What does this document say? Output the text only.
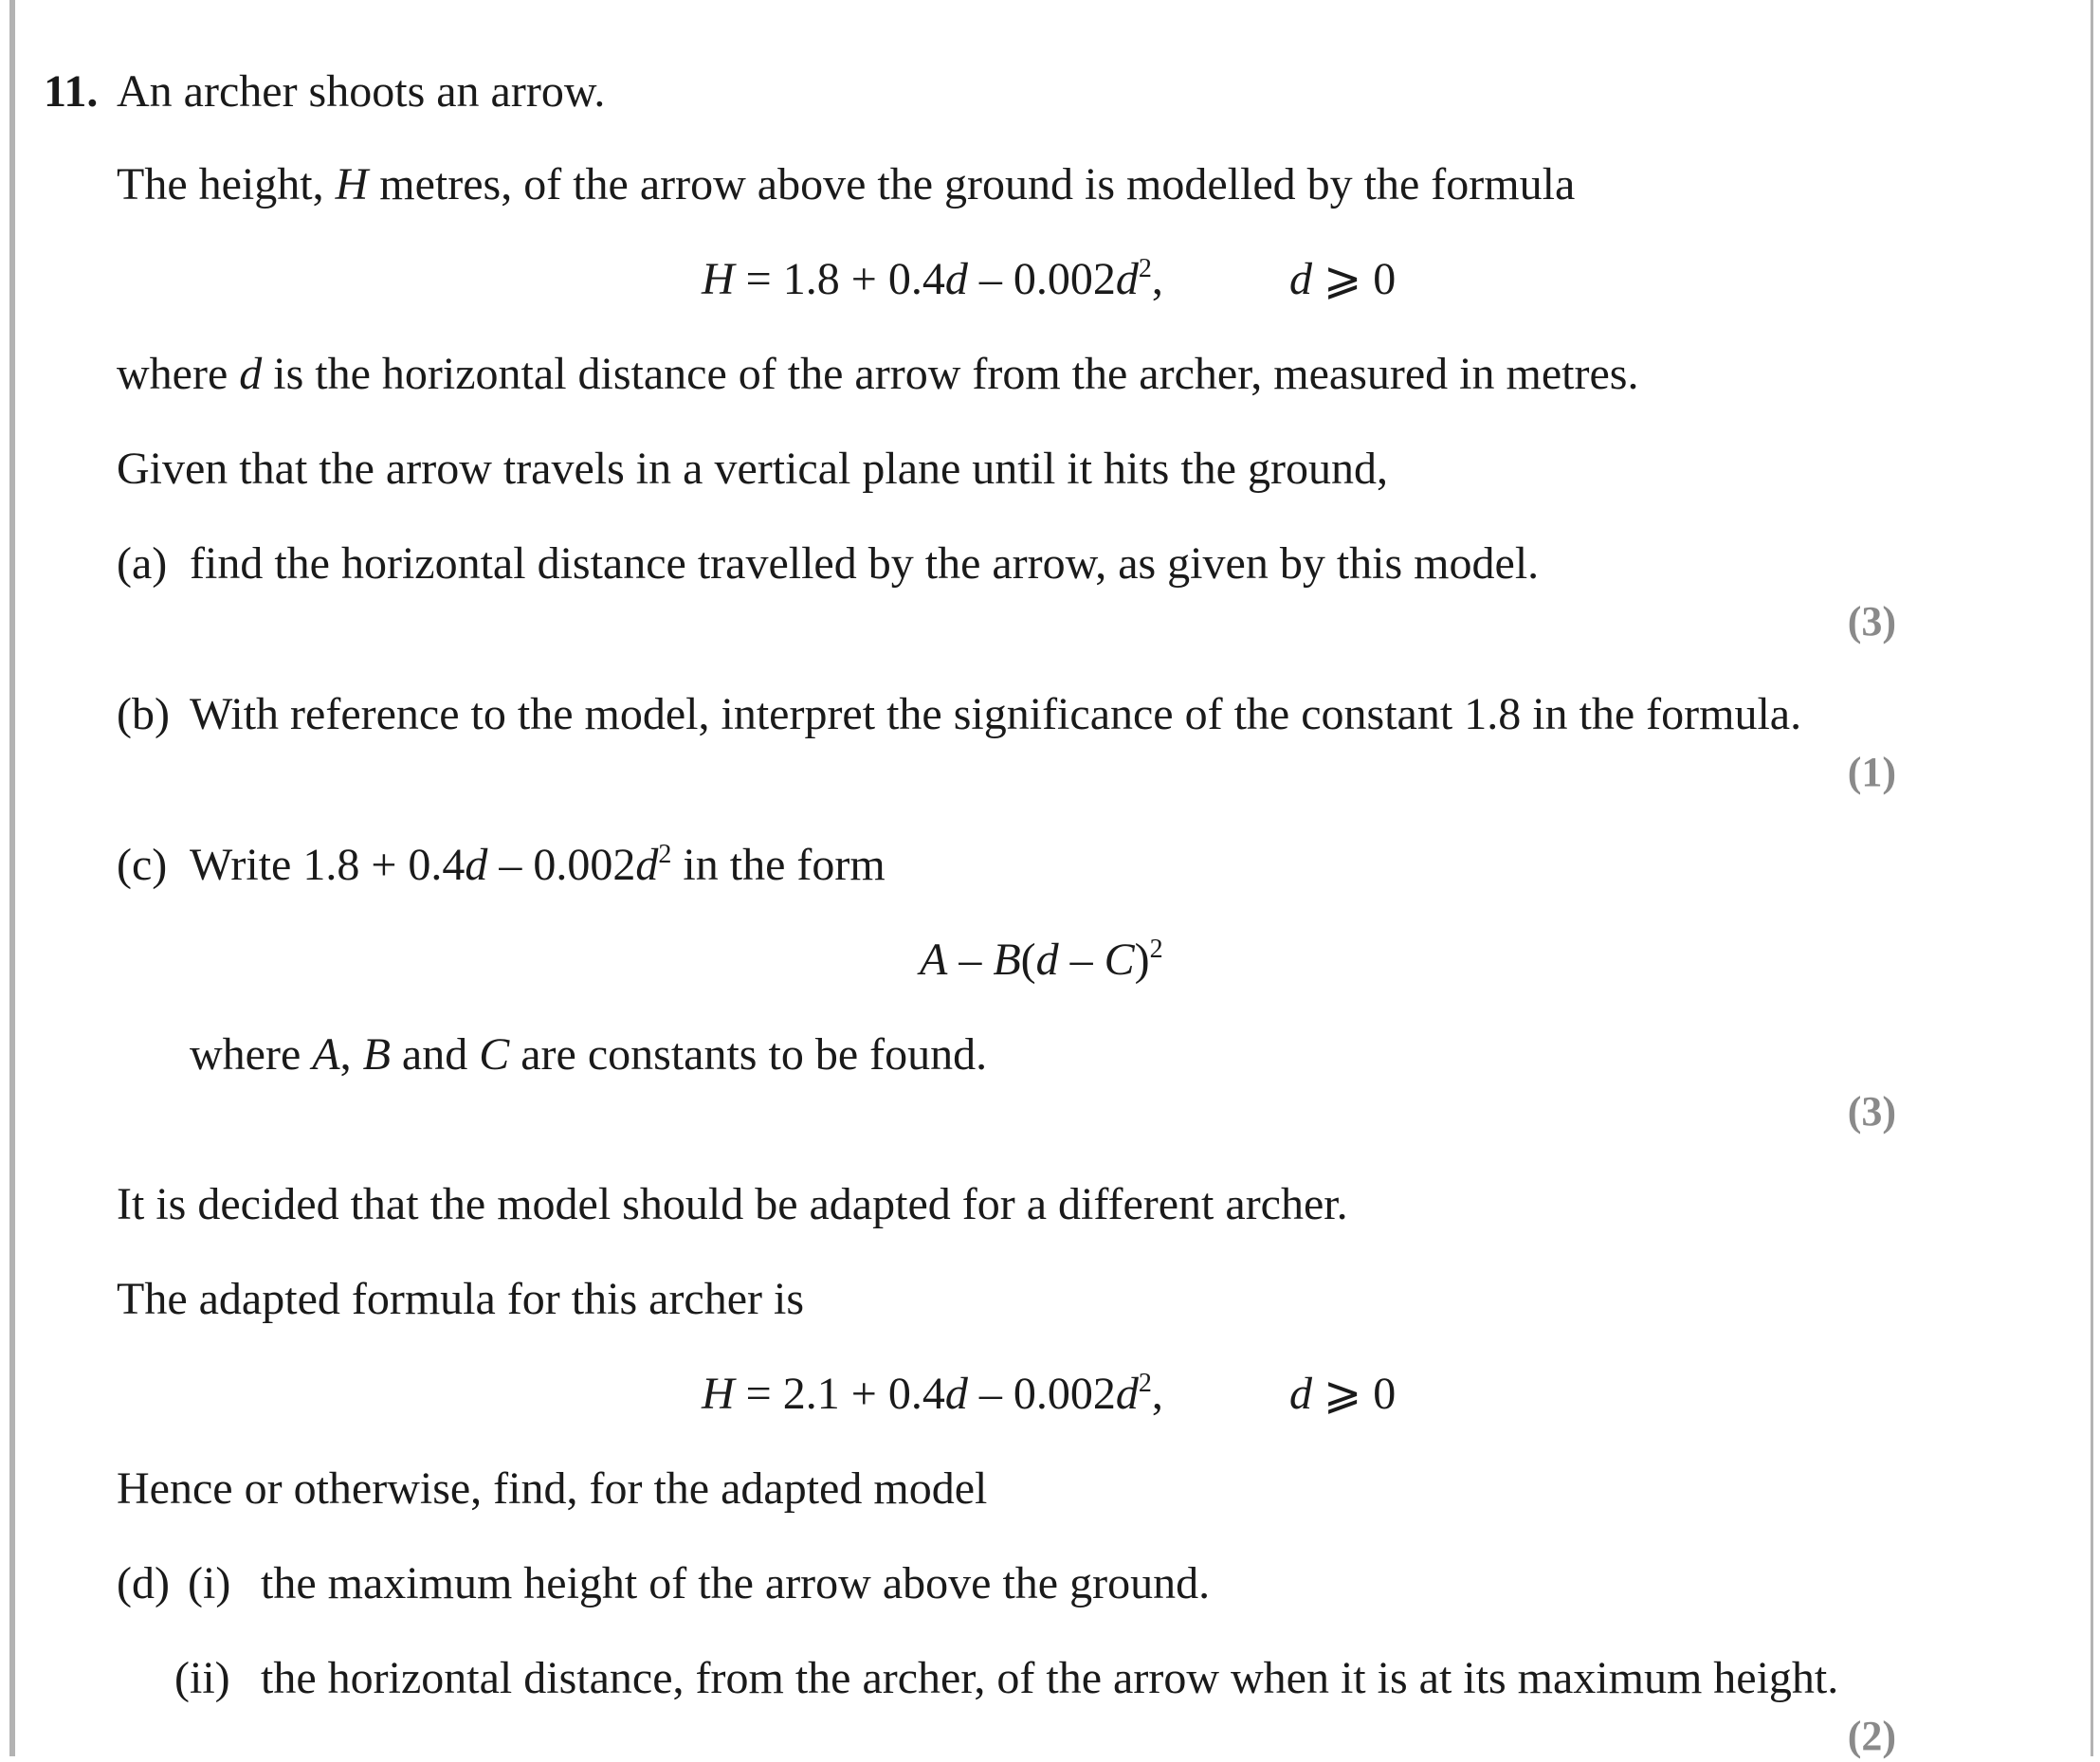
11. An archer shoots an arrow.
The height, H metres, of the arrow above the ground is modelled by the formula
$H = 1.8 + 0.4d - 0.002d^2$,	d ⩾ 0
where d is the horizontal distance of the arrow from the archer, measured in metres.
Given that the arrow travels in a vertical plane until it hits the ground,
(a) find the horizontal distance travelled by the arrow, as given by this model.
(3)
(b) With reference to the model, interpret the significance of the constant 1.8 in the formula.
(1)
(c) Write $1.8 + 0.4d - 0.002d^2$ in the form
A – B(d – C)$^2$
where A, B and C are constants to be found.
(3)
It is decided that the model should be adapted for a different archer.
The adapted formula for this archer is
$H = 2.1 + 0.4d - 0.002d^2$,	d ⩾ 0
Hence or otherwise, find, for the adapted model
(d) (i) the maximum height of the arrow above the ground.
(ii) the horizontal distance, from the archer, of the arrow when it is at its maximum height.
(2)
